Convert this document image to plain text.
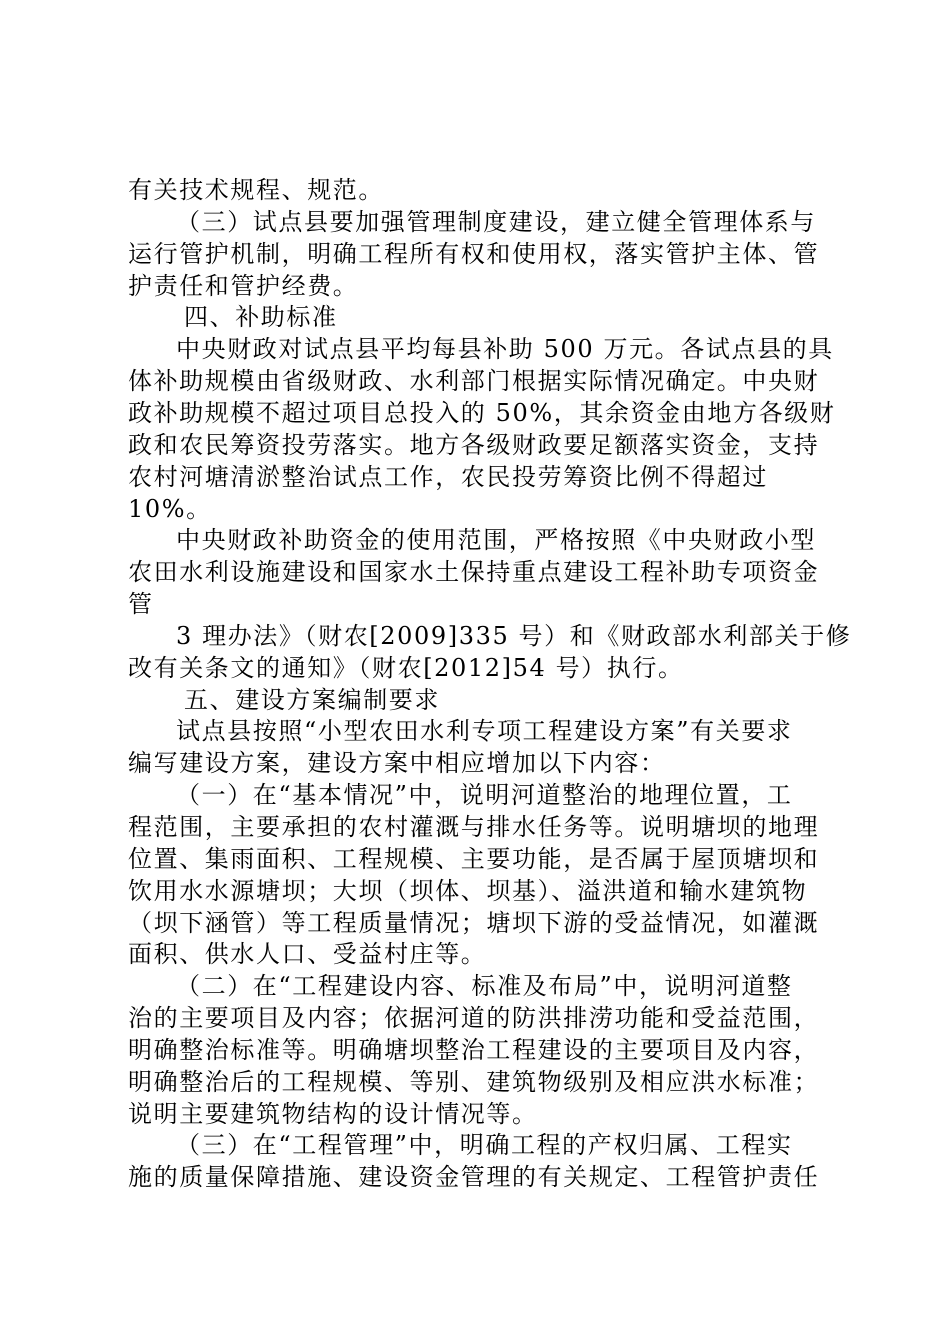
有关技术规程、规范。
（三）试点县要加强管理制度建设，建立健全管理体系与
运行管护机制，明确工程所有权和使用权，落实管护主体、管
护责任和管护经费。
四、补助标准
中央财政对试点县平均每县补助 500 万元。各试点县的具
体补助规模由省级财政、水利部门根据实际情况确定。中央财
政补助规模不超过项目总投入的 50%，其余资金由地方各级财
政和农民筹资投劳落实。地方各级财政要足额落实资金，支持
农村河塘清淤整治试点工作，农民投劳筹资比例不得超过
10%。
中央财政补助资金的使用范围，严格按照《中央财政小型
农田水利设施建设和国家水土保持重点建设工程补助专项资金
管
3 理办法》（财农[2009]335 号）和《财政部水利部关于修
改有关条文的通知》（财农[2012]54 号）执行。
五、建设方案编制要求
试点县按照“小型农田水利专项工程建设方案”有关要求
编写建设方案，建设方案中相应增加以下内容：
（一）在“基本情况”中，说明河道整治的地理位置，工
程范围，主要承担的农村灌溉与排水任务等。说明塘坝的地理
位置、集雨面积、工程规模、主要功能，是否属于屋顶塘坝和
饮用水水源塘坝；大坝（坝体、坝基）、溢洪道和输水建筑物
（坝下涵管）等工程质量情况；塘坝下游的受益情况，如灌溉
面积、供水人口、受益村庄等。
（二）在“工程建设内容、标准及布局”中，说明河道整
治的主要项目及内容；依据河道的防洪排涝功能和受益范围，
明确整治标准等。明确塘坝整治工程建设的主要项目及内容，
明确整治后的工程规模、等别、建筑物级别及相应洪水标准；
说明主要建筑物结构的设计情况等。
（三）在“工程管理”中，明确工程的产权归属、工程实
施的质量保障措施、建设资金管理的有关规定、工程管护责任
